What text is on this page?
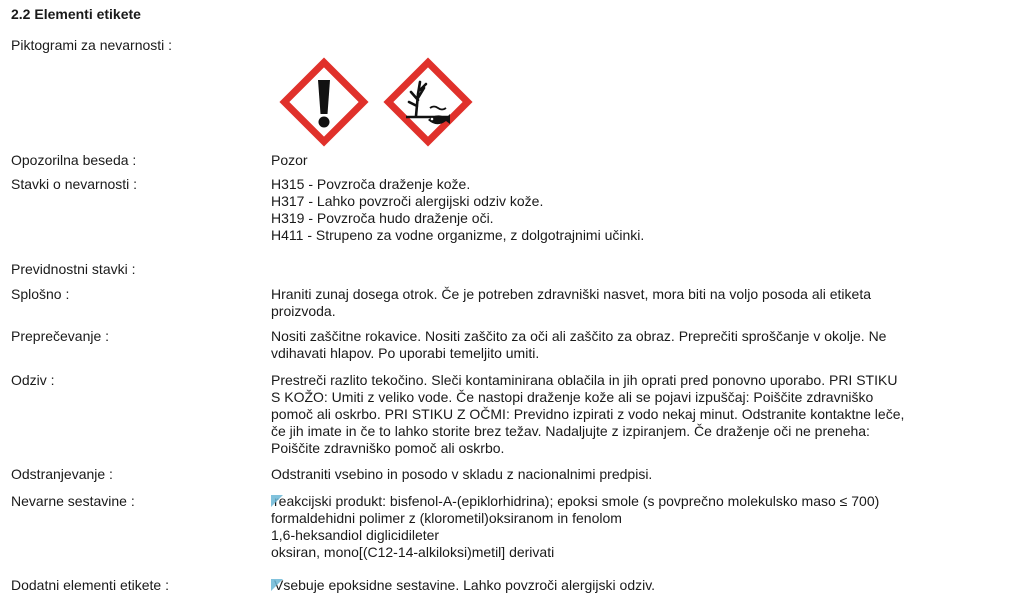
2.2 Elementi etikete
Piktogrami za nevarnosti :
Opozorilna beseda :	Pozor
Stavki o nevarnosti :	H315 - Povzroča draženje kože.
H317 - Lahko povzroči alergijski odziv kože.
H319 - Povzroča hudo draženje oči.
H411 - Strupeno za vodne organizme, z dolgotrajnimi učinki.
Previdnostni stavki :
Splošno :	Hraniti zunaj dosega otrok. Če je potreben zdravniški nasvet, mora biti na voljo posoda ali etiketa
proizvoda.
Preprečevanje :	Nositi zaščitne rokavice. Nositi zaščito za oči ali zaščito za obraz. Preprečiti sproščanje v okolje. Ne
vdihavati hlapov. Po uporabi temeljito umiti.
Odziv :	Prestreči razlito tekočino. Sleči kontaminirana oblačila in jih oprati pred ponovno uporabo. PRI STIKU
S KOŽO: Umiti z veliko vode. Če nastopi draženje kože ali se pojavi izpuščaj: Poiščite zdravniško
pomoč ali oskrbo. PRI STIKU Z OČMI: Previdno izpirati z vodo nekaj minut. Odstranite kontaktne leče,
če jih imate in če to lahko storite brez težav. Nadaljujte z izpiranjem. Če draženje oči ne preneha:
Poiščite zdravniško pomoč ali oskrbo.
Odstranjevanje :	Odstraniti vsebino in posodo v skladu z nacionalnimi predpisi.
Nevarne sestavine :	reakcijski produkt: bisfenol-A-(epiklorhidrina); epoksi smole (s povprečno molekulsko maso ≤ 700)
formaldehidni polimer z (klorometil)oksiranom in fenolom
1,6-heksandiol diglicidileter
oksiran, mono[(C12-14-alkiloksi)metil] derivati
Dodatni elementi etikete :	Vsebuje epoksidne sestavine. Lahko povzroči alergijski odziv.
